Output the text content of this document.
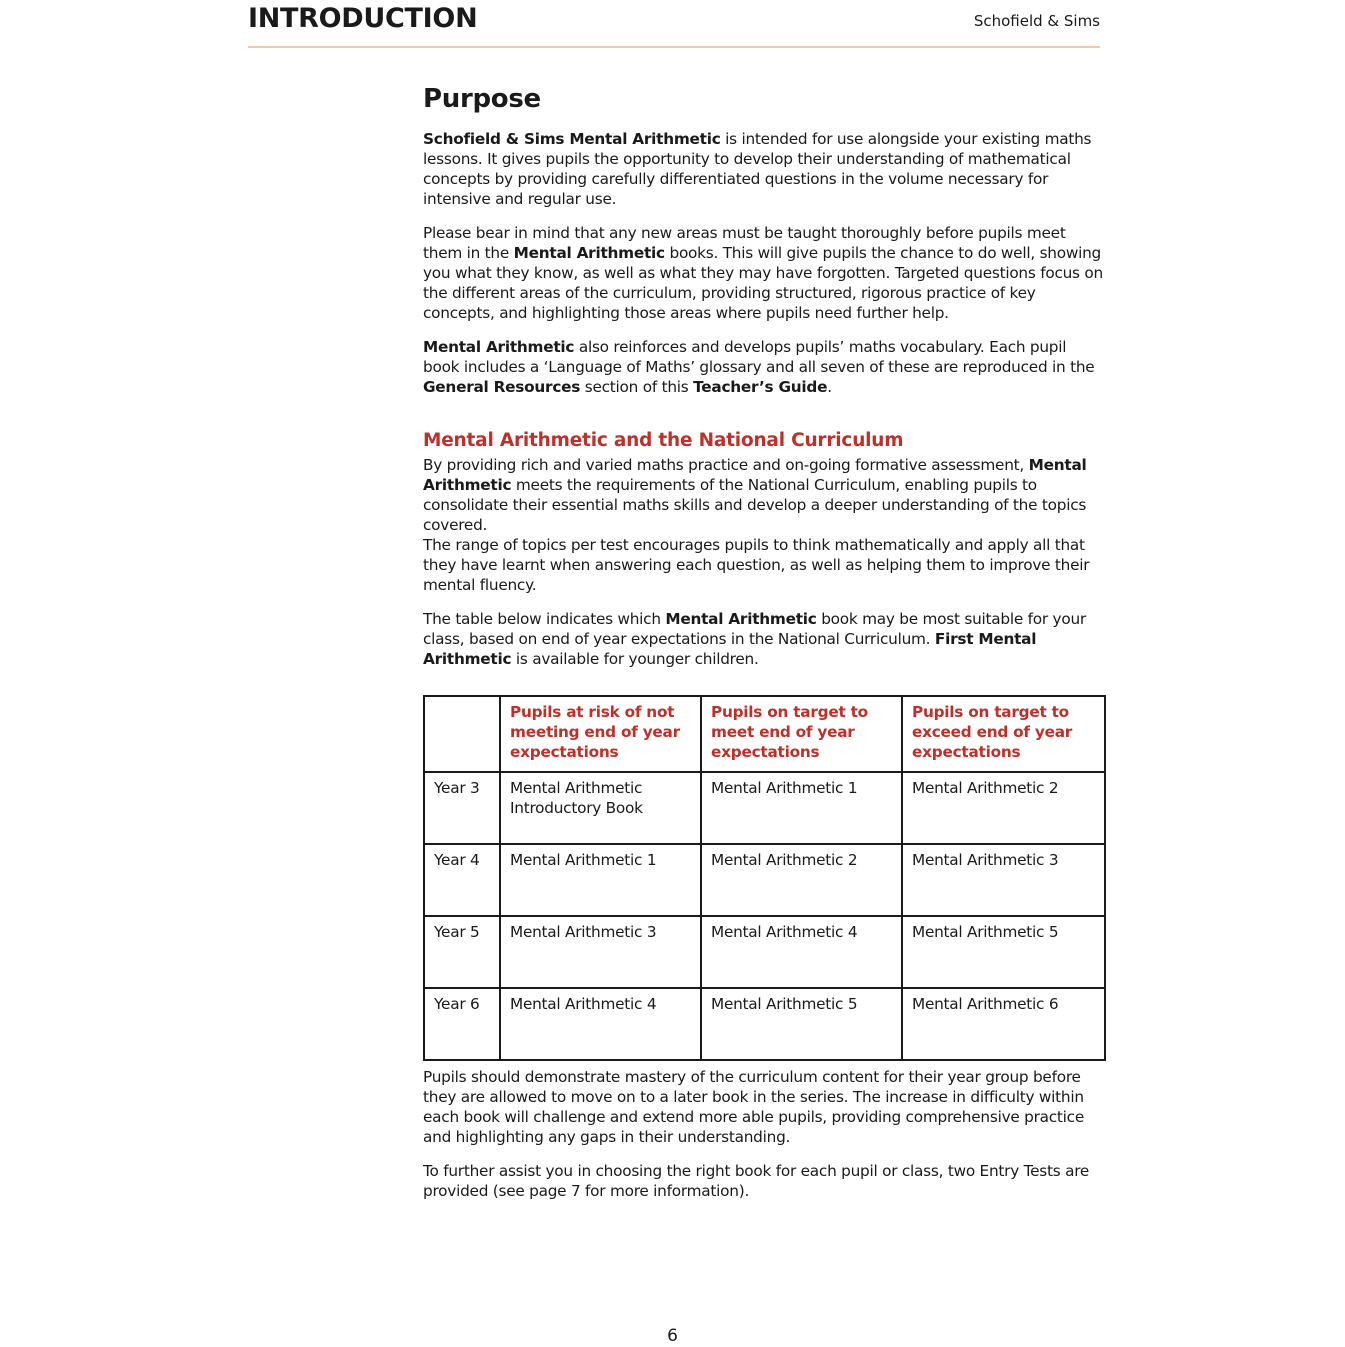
INTRODUCTION	Schofield & Sims
Purpose

Schofield & Sims Mental Arithmetic is intended for use alongside your existing maths lessons. It gives pupils the opportunity to develop their understanding of mathematical concepts by providing carefully differentiated questions in the volume necessary for intensive and regular use.

Please bear in mind that any new areas must be taught thoroughly before pupils meet them in the Mental Arithmetic books. This will give pupils the chance to do well, showing you what they know, as well as what they may have forgotten. Targeted questions focus on the different areas of the curriculum, providing structured, rigorous practice of key concepts, and highlighting those areas where pupils need further help.

Mental Arithmetic also reinforces and develops pupils’ maths vocabulary. Each pupil book includes a ‘Language of Maths’ glossary and all seven of these are reproduced in the General Resources section of this Teacher’s Guide.

Mental Arithmetic and the National Curriculum

By providing rich and varied maths practice and on-going formative assessment, Mental Arithmetic meets the requirements of the National Curriculum, enabling pupils to consolidate their essential maths skills and develop a deeper understanding of the topics covered.

The range of topics per test encourages pupils to think mathematically and apply all that they have learnt when answering each question, as well as helping them to improve their mental fluency.

The table below indicates which Mental Arithmetic book may be most suitable for your class, based on end of year expectations in the National Curriculum. First Mental Arithmetic is available for younger children.

	Pupils at risk of not meeting end of year expectations	Pupils on target to meet end of year expectations	Pupils on target to exceed end of year expectations
Year 3	Mental Arithmetic Introductory Book	Mental Arithmetic 1	Mental Arithmetic 2
Year 4	Mental Arithmetic 1	Mental Arithmetic 2	Mental Arithmetic 3
Year 5	Mental Arithmetic 3	Mental Arithmetic 4	Mental Arithmetic 5
Year 6	Mental Arithmetic 4	Mental Arithmetic 5	Mental Arithmetic 6

Pupils should demonstrate mastery of the curriculum content for their year group before they are allowed to move on to a later book in the series. The increase in difficulty within each book will challenge and extend more able pupils, providing comprehensive practice and highlighting any gaps in their understanding.

To further assist you in choosing the right book for each pupil or class, two Entry Tests are provided (see page 7 for more information).

6
